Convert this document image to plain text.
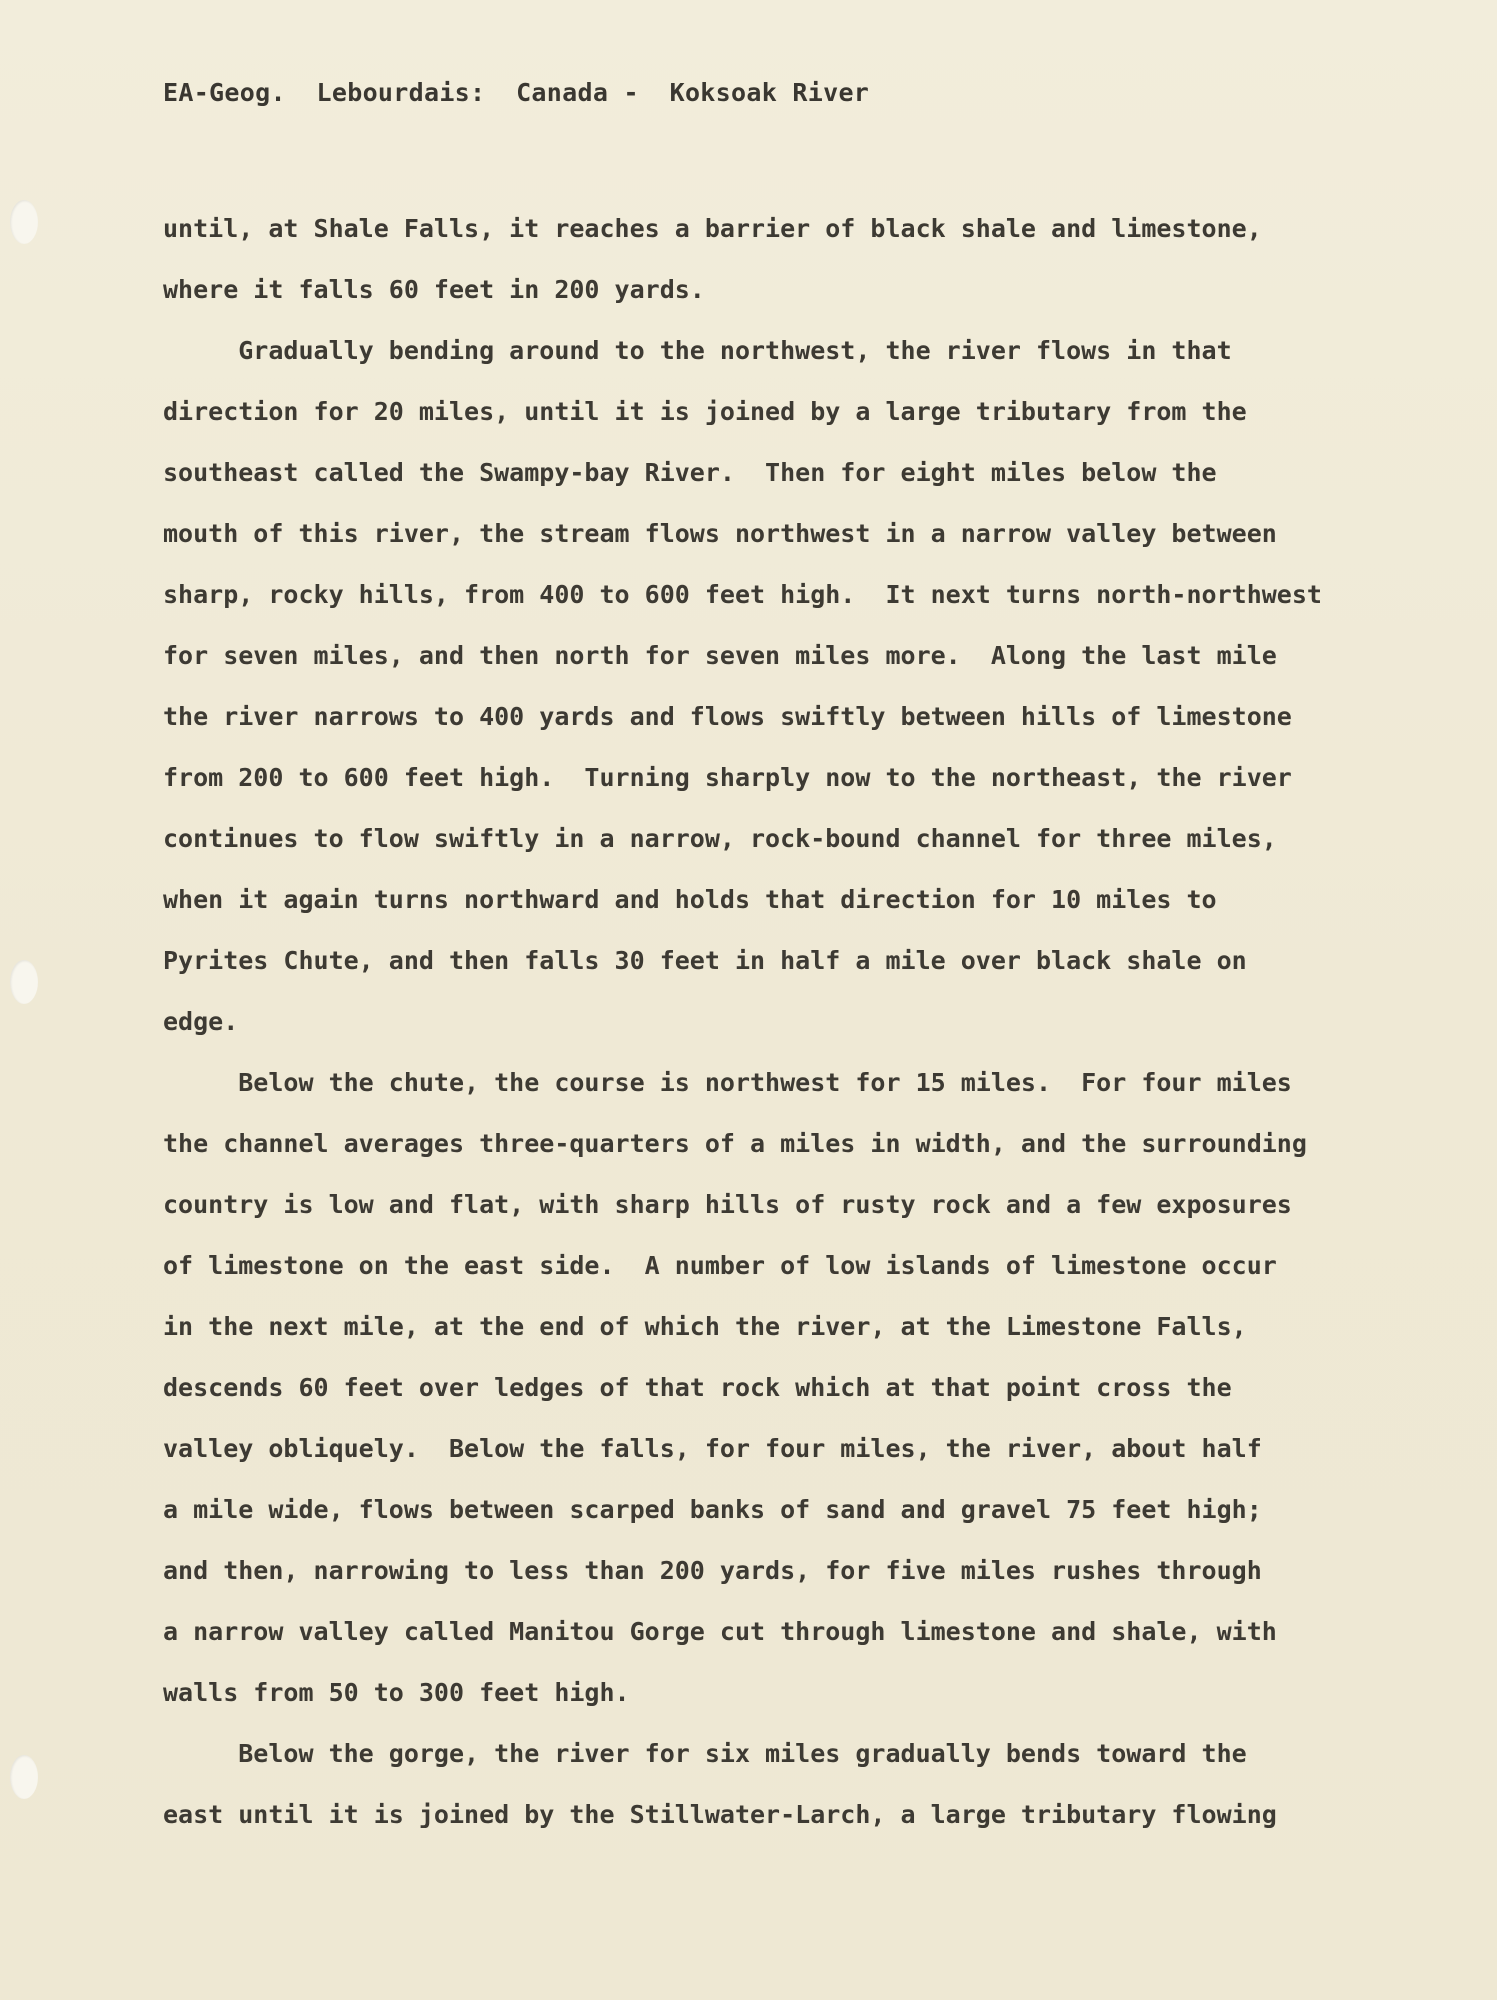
EA-Geog.  Lebourdais:  Canada -  Koksoak River
until, at Shale Falls, it reaches a barrier of black shale and limestone,
where it falls 60 feet in 200 yards.
Gradually bending around to the northwest, the river flows in that
direction for 20 miles, until it is joined by a large tributary from the
southeast called the Swampy-bay River.  Then for eight miles below the
mouth of this river, the stream flows northwest in a narrow valley between
sharp, rocky hills, from 400 to 600 feet high.  It next turns north-northwest
for seven miles, and then north for seven miles more.  Along the last mile
the river narrows to 400 yards and flows swiftly between hills of limestone
from 200 to 600 feet high.  Turning sharply now to the northeast, the river
continues to flow swiftly in a narrow, rock-bound channel for three miles,
when it again turns northward and holds that direction for 10 miles to
Pyrites Chute, and then falls 30 feet in half a mile over black shale on
edge.
Below the chute, the course is northwest for 15 miles.  For four miles
the channel averages three-quarters of a miles in width, and the surrounding
country is low and flat, with sharp hills of rusty rock and a few exposures
of limestone on the east side.  A number of low islands of limestone occur
in the next mile, at the end of which the river, at the Limestone Falls,
descends 60 feet over ledges of that rock which at that point cross the
valley obliquely.  Below the falls, for four miles, the river, about half
a mile wide, flows between scarped banks of sand and gravel 75 feet high;
and then, narrowing to less than 200 yards, for five miles rushes through
a narrow valley called Manitou Gorge cut through limestone and shale, with
walls from 50 to 300 feet high.
Below the gorge, the river for six miles gradually bends toward the
east until it is joined by the Stillwater-Larch, a large tributary flowing
